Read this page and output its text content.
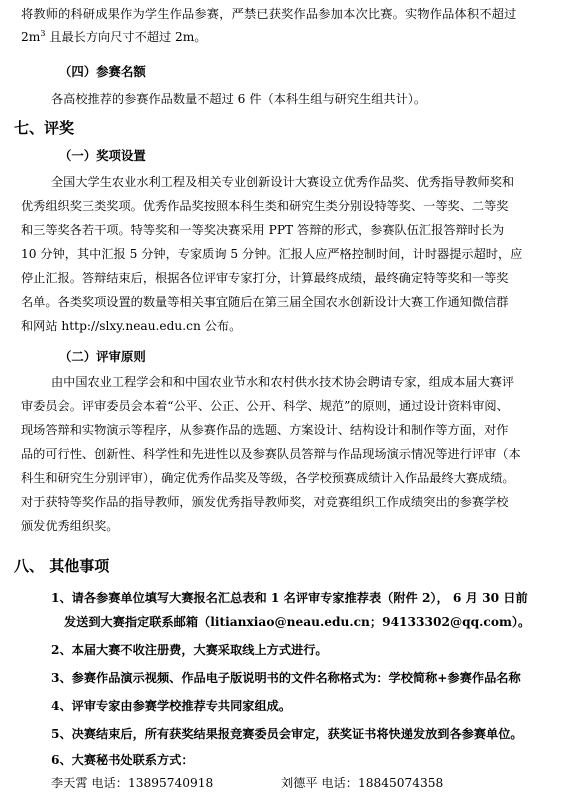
将教师的科研成果作为学生作品参赛，严禁已获奖作品参加本次比赛。实物作品体积不超过
$2m^3$ 且最长方向尺寸不超过 2m。
（四）参赛名额
各高校推荐的参赛作品数量不超过 6 件（本科生组与研究生组共计）。
七、评奖
（一）奖项设置
全国大学生农业水利工程及相关专业创新设计大赛设立优秀作品奖、优秀指导教师奖和
优秀组织奖三类奖项。优秀作品奖按照本科生类和研究生类分别设特等奖、一等奖、二等奖
和三等奖各若干项。特等奖和一等奖决赛采用 PPT 答辩的形式，参赛队伍汇报答辩时长为
10 分钟，其中汇报 5 分钟，专家质询 5 分钟。汇报人应严格控制时间，计时器提示超时，应
停止汇报。答辩结束后，根据各位评审专家打分，计算最终成绩，最终确定特等奖和一等奖
名单。各类奖项设置的数量等相关事宜随后在第三届全国农水创新设计大赛工作通知微信群
和网站 http://slxy.neau.edu.cn 公布。
（二）评审原则
由中国农业工程学会和和中国农业节水和农村供水技术协会聘请专家，组成本届大赛评
审委员会。评审委员会本着“公平、公正、公开、科学、规范”的原则，通过设计资料审阅、
现场答辩和实物演示等程序，从参赛作品的选题、方案设计、结构设计和制作等方面，对作
品的可行性、创新性、科学性和先进性以及参赛队员答辩与作品现场演示情况等进行评审（本
科生和研究生分别评审），确定优秀作品奖及等级，各学校预赛成绩计入作品最终大赛成绩。
对于获特等奖作品的指导教师，颁发优秀指导教师奖，对竞赛组织工作成绩突出的参赛学校
颁发优秀组织奖。
八、 其他事项
1、请各参赛单位填写大赛报名汇总表和 1 名评审专家推荐表（附件 2）， 6 月 30 日前
发送到大赛指定联系邮箱（litianxiao@neau.edu.cn；94133302@qq.com）。
2、本届大赛不收注册费，大赛采取线上方式进行。
3、参赛作品演示视频、作品电子版说明书的文件名称格式为：学校简称+参赛作品名称
4、评审专家由参赛学校推荐专共同家组成。
5、决赛结束后，所有获奖结果报竞赛委员会审定，获奖证书将快递发放到各参赛单位。
6、大赛秘书处联系方式：
李天霄 电话：13895740918	刘德平 电话：18845074358
